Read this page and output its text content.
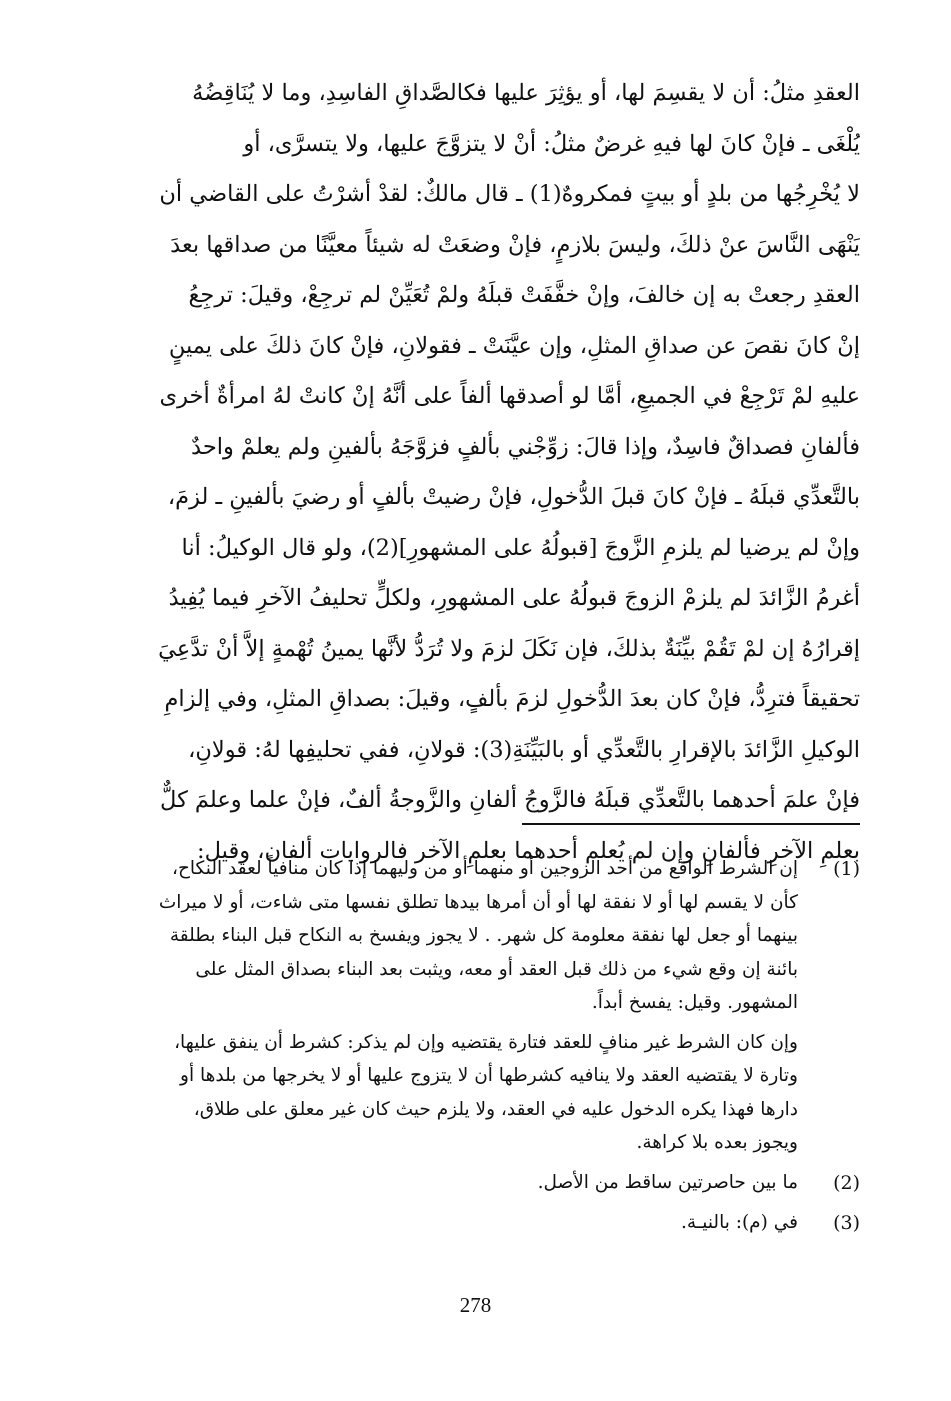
العقدِ مثلُ: أن لا يقسِمَ لها، أو يؤثِرَ عليها فكالصَّداقِ الفاسِدِ، وما لا يُنَاقِضُهُ
يُلْغَى ـ فإنْ كانَ لها فيهِ غرضٌ مثلُ: أنْ لا يتزوَّجَ عليها، ولا يتسرَّى، أو
لا يُخْرِجُها من بلدٍ أو بيتٍ فمكروهٌ(1) ـ قال مالكٌ: لقدْ أشرْتُ على القاضي أن
يَنْهَى النَّاسَ عنْ ذلكَ، وليسَ بلازمٍ، فإنْ وضعَتْ له شيئاً معيَّنًا من صداقها بعدَ
العقدِ رجعتْ به إن خالفَ، وإنْ خفَّفَتْ قبلَهُ ولمْ تُعَيِّنْ لم ترجِعْ، وقيلَ: ترجِعُ
إنْ كانَ نقصَ عن صداقِ المثلِ، وإن عيَّنَتْ ـ فقولانِ، فإنْ كانَ ذلكَ على يمينٍ
عليهِ لمْ تَرْجِعْ في الجميعِ، أمَّا لو أصدقها ألفاً على أنَّهُ إنْ كانتْ لهُ امرأةٌ أخرى
فألفانِ فصداقٌ فاسِدٌ، وإذا قالَ: زوِّجْني بألفٍ فزوَّجَهُ بألفينِ ولم يعلمْ واحدٌ
بالتَّعدِّي قبلَهُ ـ فإنْ كانَ قبلَ الدُّخولِ، فإنْ رضيتْ بألفٍ أو رضيَ بألفينِ ـ لزمَ،
وإنْ لم يرضيا لم يلزمِ الزَّوجَ [قبولُهُ على المشهورِ](2)، ولو قال الوكيلُ: أنا
أغرمُ الزَّائدَ لم يلزمْ الزوجَ قبولُهُ على المشهورِ، ولكلٍّ تحليفُ الآخرِ فيما يُفِيدُ
إقرارُهُ إن لمْ تَقُمْ بيِّنَةٌ بذلكَ، فإن نَكَلَ لزمَ ولا تُرَدُّ لأنَّها يمينُ تُهْمةٍ إلاَّ أنْ تدَّعِيَ
تحقيقاً فترِدُّ، فإنْ كان بعدَ الدُّخولِ لزمَ بألفٍ، وقيلَ: بصداقِ المثلِ، وفي إلزامِ
الوكيلِ الزَّائدَ بالإقرارِ بالتَّعدِّي أو بالبَيِّنَةِ(3): قولانِ، ففي تحليفِها لهُ: قولانِ،
فإنْ علمَ أحدهما بالتَّعدِّي قبلَهُ فالزَّوجُ ألفانِ والزَّوجةُ ألفٌ، فإنْ علما وعلمَ كلٌّ
بعلمِ الآخرِ فألفانِ وإن لم يُعلم أحدهما بعلمِ الآخر فالروايات ألفان، وقيل:
(1)
إن الشرط الواقع من أحد الزوجين أو منهما أو من وليهما إذا كان منافياً لعقد النكاح،
كأن لا يقسم لها أو لا نفقة لها أو أن أمرها بيدها تطلق نفسها متى شاءت، أو لا ميراث
بينهما أو جعل لها نفقة معلومة كل شهر. . لا يجوز ويفسخ به النكاح قبل البناء بطلقة
بائنة إن وقع شيء من ذلك قبل العقد أو معه، ويثبت بعد البناء بصداق المثل على
المشهور. وقيل: يفسخ أبداً.
وإن كان الشرط غير منافٍ للعقد فتارة يقتضيه وإن لم يذكر: كشرط أن ينفق عليها،
وتارة لا يقتضيه العقد ولا ينافيه كشرطها أن لا يتزوج عليها أو لا يخرجها من بلدها أو
دارها فهذا يكره الدخول عليه في العقد، ولا يلزم حيث كان غير معلق على طلاق،
ويجوز بعده بلا كراهة.
(2)
ما بين حاصرتين ساقط من الأصل.
(3)
في (م): بالنيـة.
278
